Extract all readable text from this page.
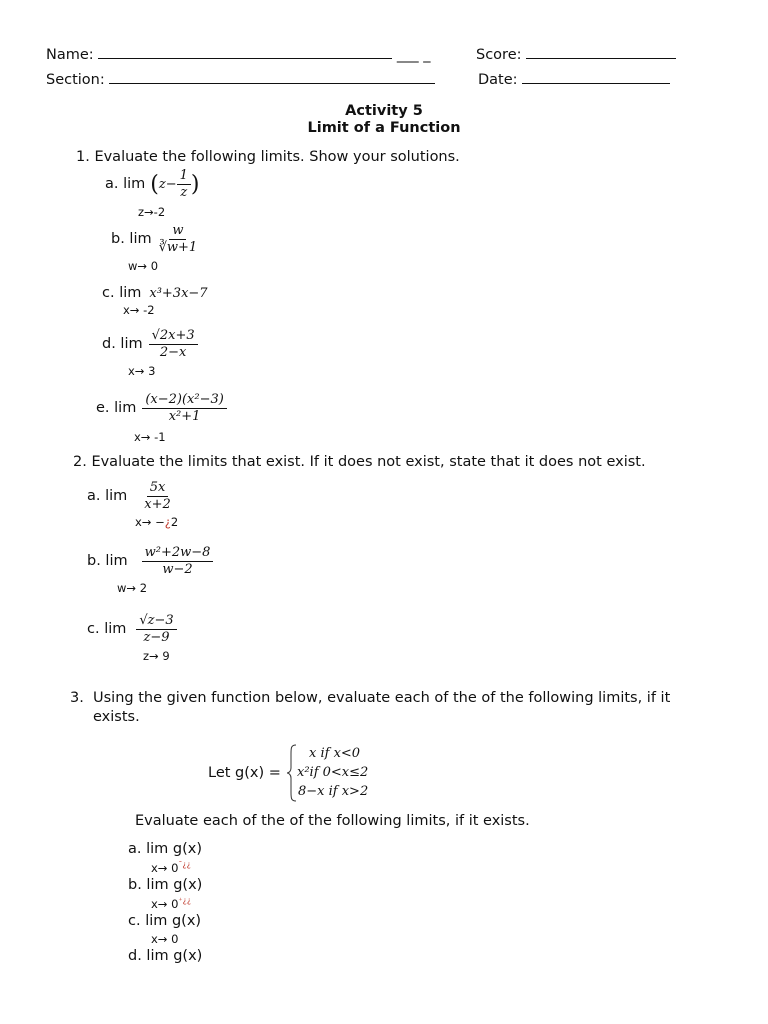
Name:	___ _	Score:
Section:	Date:
Activity 5
Limit of a Function
1. Evaluate the following limits. Show your solutions.
a. lim ( $z- \frac{1}{z}$ )
z→-2
b. $\lim \frac{w}{∛w+1}$
w→ 0
c. lim x³+3x−7
x→ -2
d. $\lim \frac{√2x+3}{2-x}$
x→ 3
e. $\lim \frac{\text{(x−2)(x²−3)}}{\text{x²+1}}$
x→ -1
2. Evaluate the limits that exist. If it does not exist, state that it does not exist.
a. $\lim \frac{5x}{x+2}$
x→ −¿2
b. $\lim \frac{\text{w²+2w−8}}{w-2}$
w→ 2
c. $\lim \frac{√z-3}{z-9}$
z→ 9
3. Using the given function below, evaluate each of the of the following limits, if it
exists.
Let g(x) =
x if x<0
x²if 0<x≤2
8−x if x>2
Evaluate each of the of the following limits, if it exists.
a. lim g(x)
x→ 0¯¿¿
b. lim g(x)
x→ 0⁺¿¿
c. lim g(x)
x→ 0
d. lim g(x)
